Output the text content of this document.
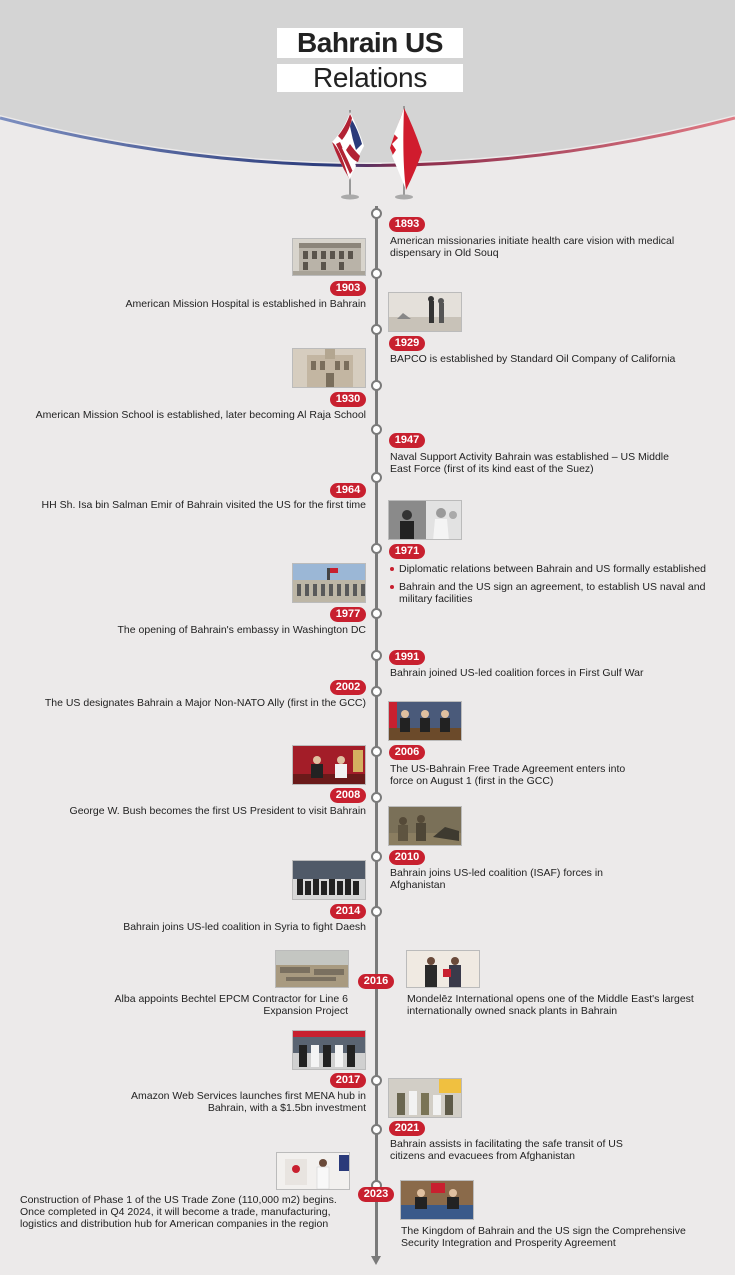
Bahrain US
Relations
1893
American missionaries initiate health care vision with medical dispensary in Old Souq
1903
American Mission Hospital is established in Bahrain
1929
BAPCO is established by Standard Oil Company of California
1930
American Mission School is established, later becoming Al Raja School
1947
Naval Support Activity Bahrain was established – US Middle East Force (first of its kind east of the Suez)
1964
HH Sh. Isa bin Salman Emir of Bahrain visited the US for the first time
1971
Diplomatic relations between Bahrain and US formally established
Bahrain and the US sign an agreement, to establish US naval and military facilities
1977
The opening of Bahrain's embassy in Washington DC
1991
Bahrain joined US-led coalition forces in First Gulf War
2002
The US designates Bahrain a Major Non-NATO Ally (first in the GCC)
2006
The US-Bahrain Free Trade Agreement enters into force on August 1 (first in the GCC)
2008
George W. Bush becomes the first US President to visit Bahrain
2010
Bahrain joins US-led coalition (ISAF) forces in Afghanistan
2014
Bahrain joins US-led coalition in Syria to fight Daesh
2016
Alba appoints Bechtel EPCM Contractor for Line 6 Expansion Project
Mondelēz International opens one of the Middle East's largest internationally owned snack plants in Bahrain
2017
Amazon Web Services launches first MENA hub in Bahrain, with a $1.5bn investment
2021
Bahrain assists in facilitating the safe transit of US citizens and evacuees from Afghanistan
2023
Construction of Phase 1 of the US Trade Zone (110,000 m2) begins. Once completed in Q4 2024, it will become a trade, manufacturing, logistics and distribution hub for American companies in the region
The Kingdom of Bahrain and the US sign the Comprehensive Security Integration and Prosperity Agreement
